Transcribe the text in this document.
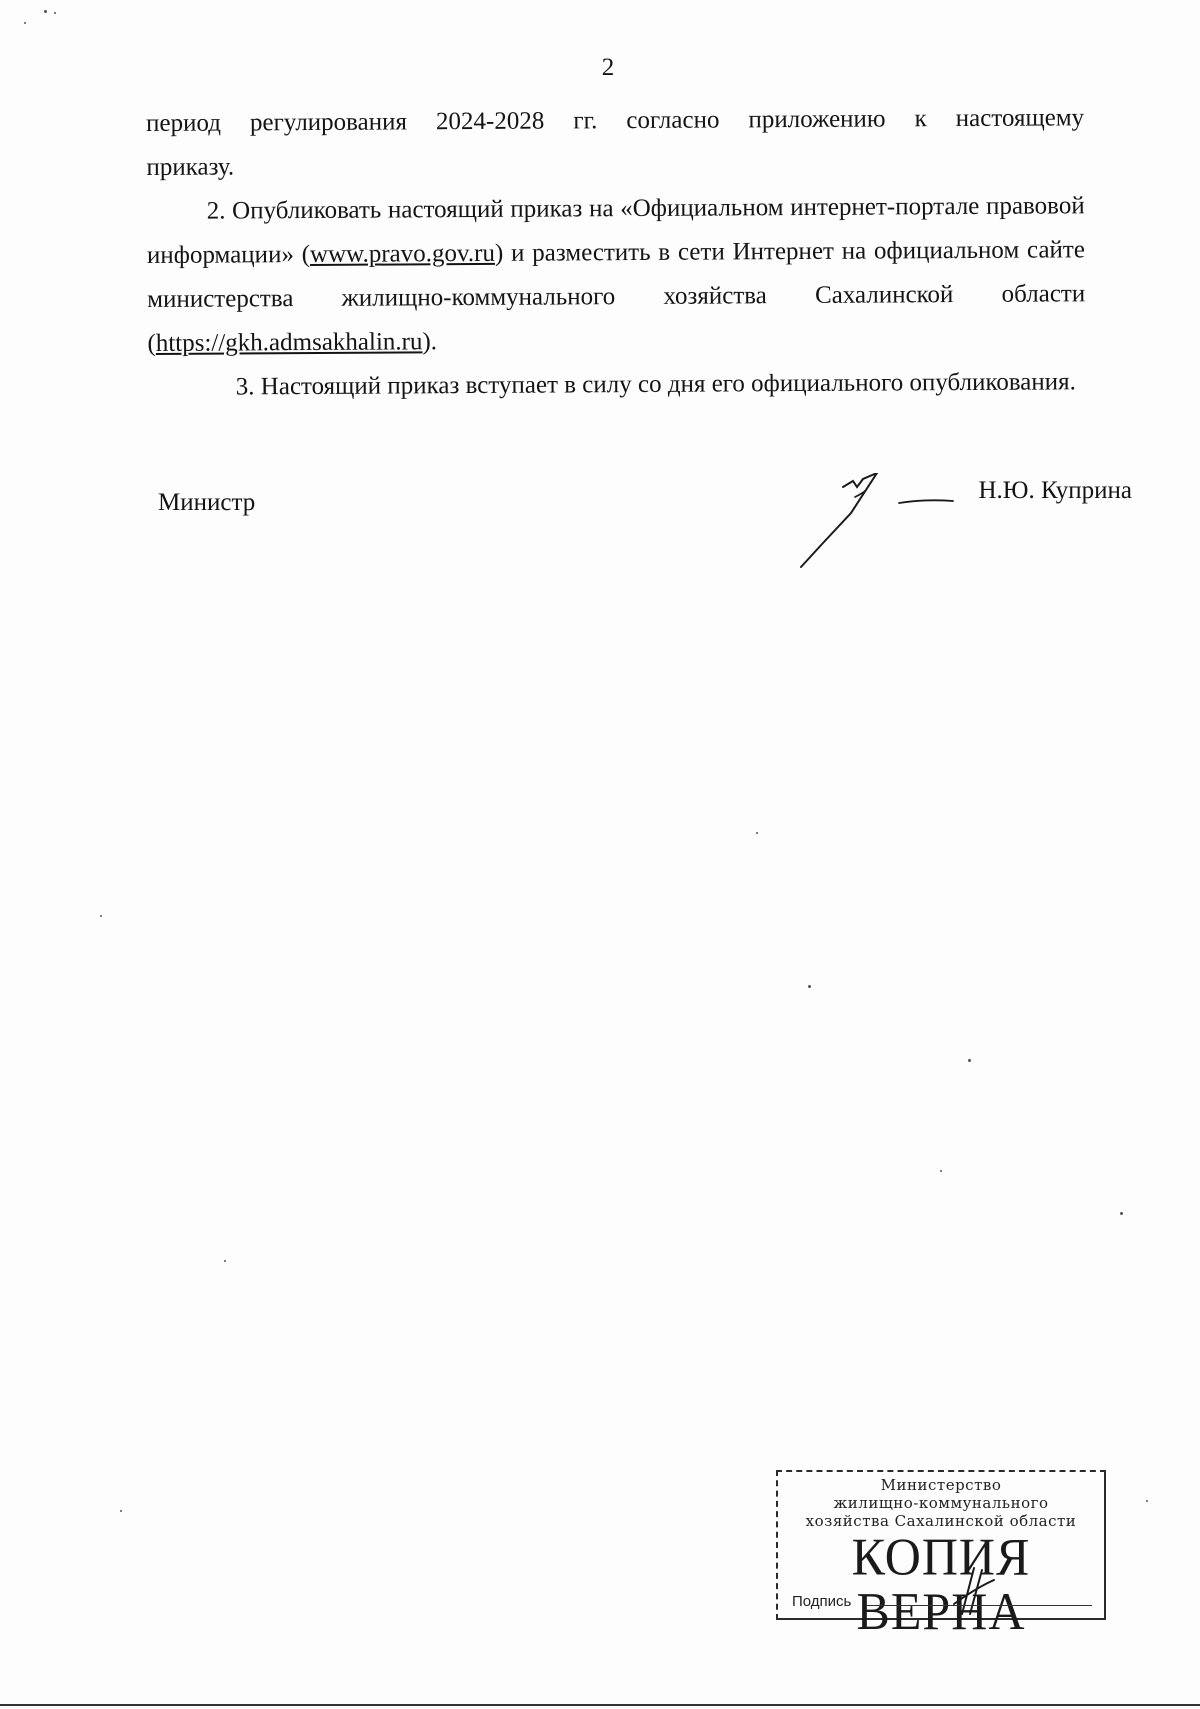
2

период регулирования 2024-2028 гг. согласно приложению к настоящему

приказу.

2. Опубликовать настоящий приказ на «Официальном интернет-портале правовой информации» (www.pravo.gov.ru) и разместить в сети Интернет на официальном сайте министерства жилищно-коммунального хозяйства Сахалинской области (https://gkh.admsakhalin.ru).

3. Настоящий приказ вступает в силу со дня его официального опубликования.

Министр	Н.Ю. Куприна
Министерство
жилищно-коммунального
хозяйства Сахалинской области
КОПИЯ ВЕРНА
Подпись
